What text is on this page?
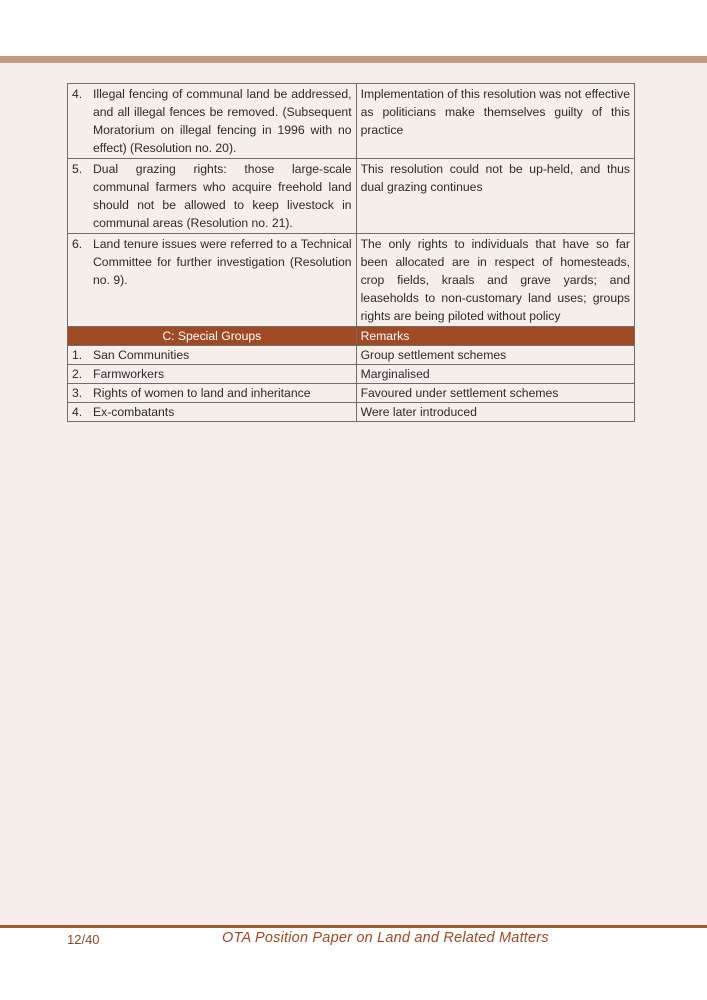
4. Illegal fencing of communal land be addressed, and all illegal fences be removed. (Subsequent Moratorium on illegal fencing in 1996 with no effect) (Resolution no. 20).	Implementation of this resolution was not effective as politicians make themselves guilty of this practice

5. Dual grazing rights: those large-scale communal farmers who acquire freehold land should not be allowed to keep livestock in communal areas (Resolution no. 21).	This resolution could not be up-held, and thus dual grazing continues

6. Land tenure issues were referred to a Technical Committee for further investigation (Resolution no. 9).	The only rights to individuals that have so far been allocated are in respect of homesteads, crop fields, kraals and grave yards; and leaseholds to non-customary land uses; groups rights are being piloted without policy
C: Special Groups	Remarks

1. San Communities	Group settlement schemes

2. Farmworkers	Marginalised

3. Rights of women to land and inheritance	Favoured under settlement schemes

4. Ex-combatants	Were later introduced
12/40	OTA Position Paper on Land and Related Matters
